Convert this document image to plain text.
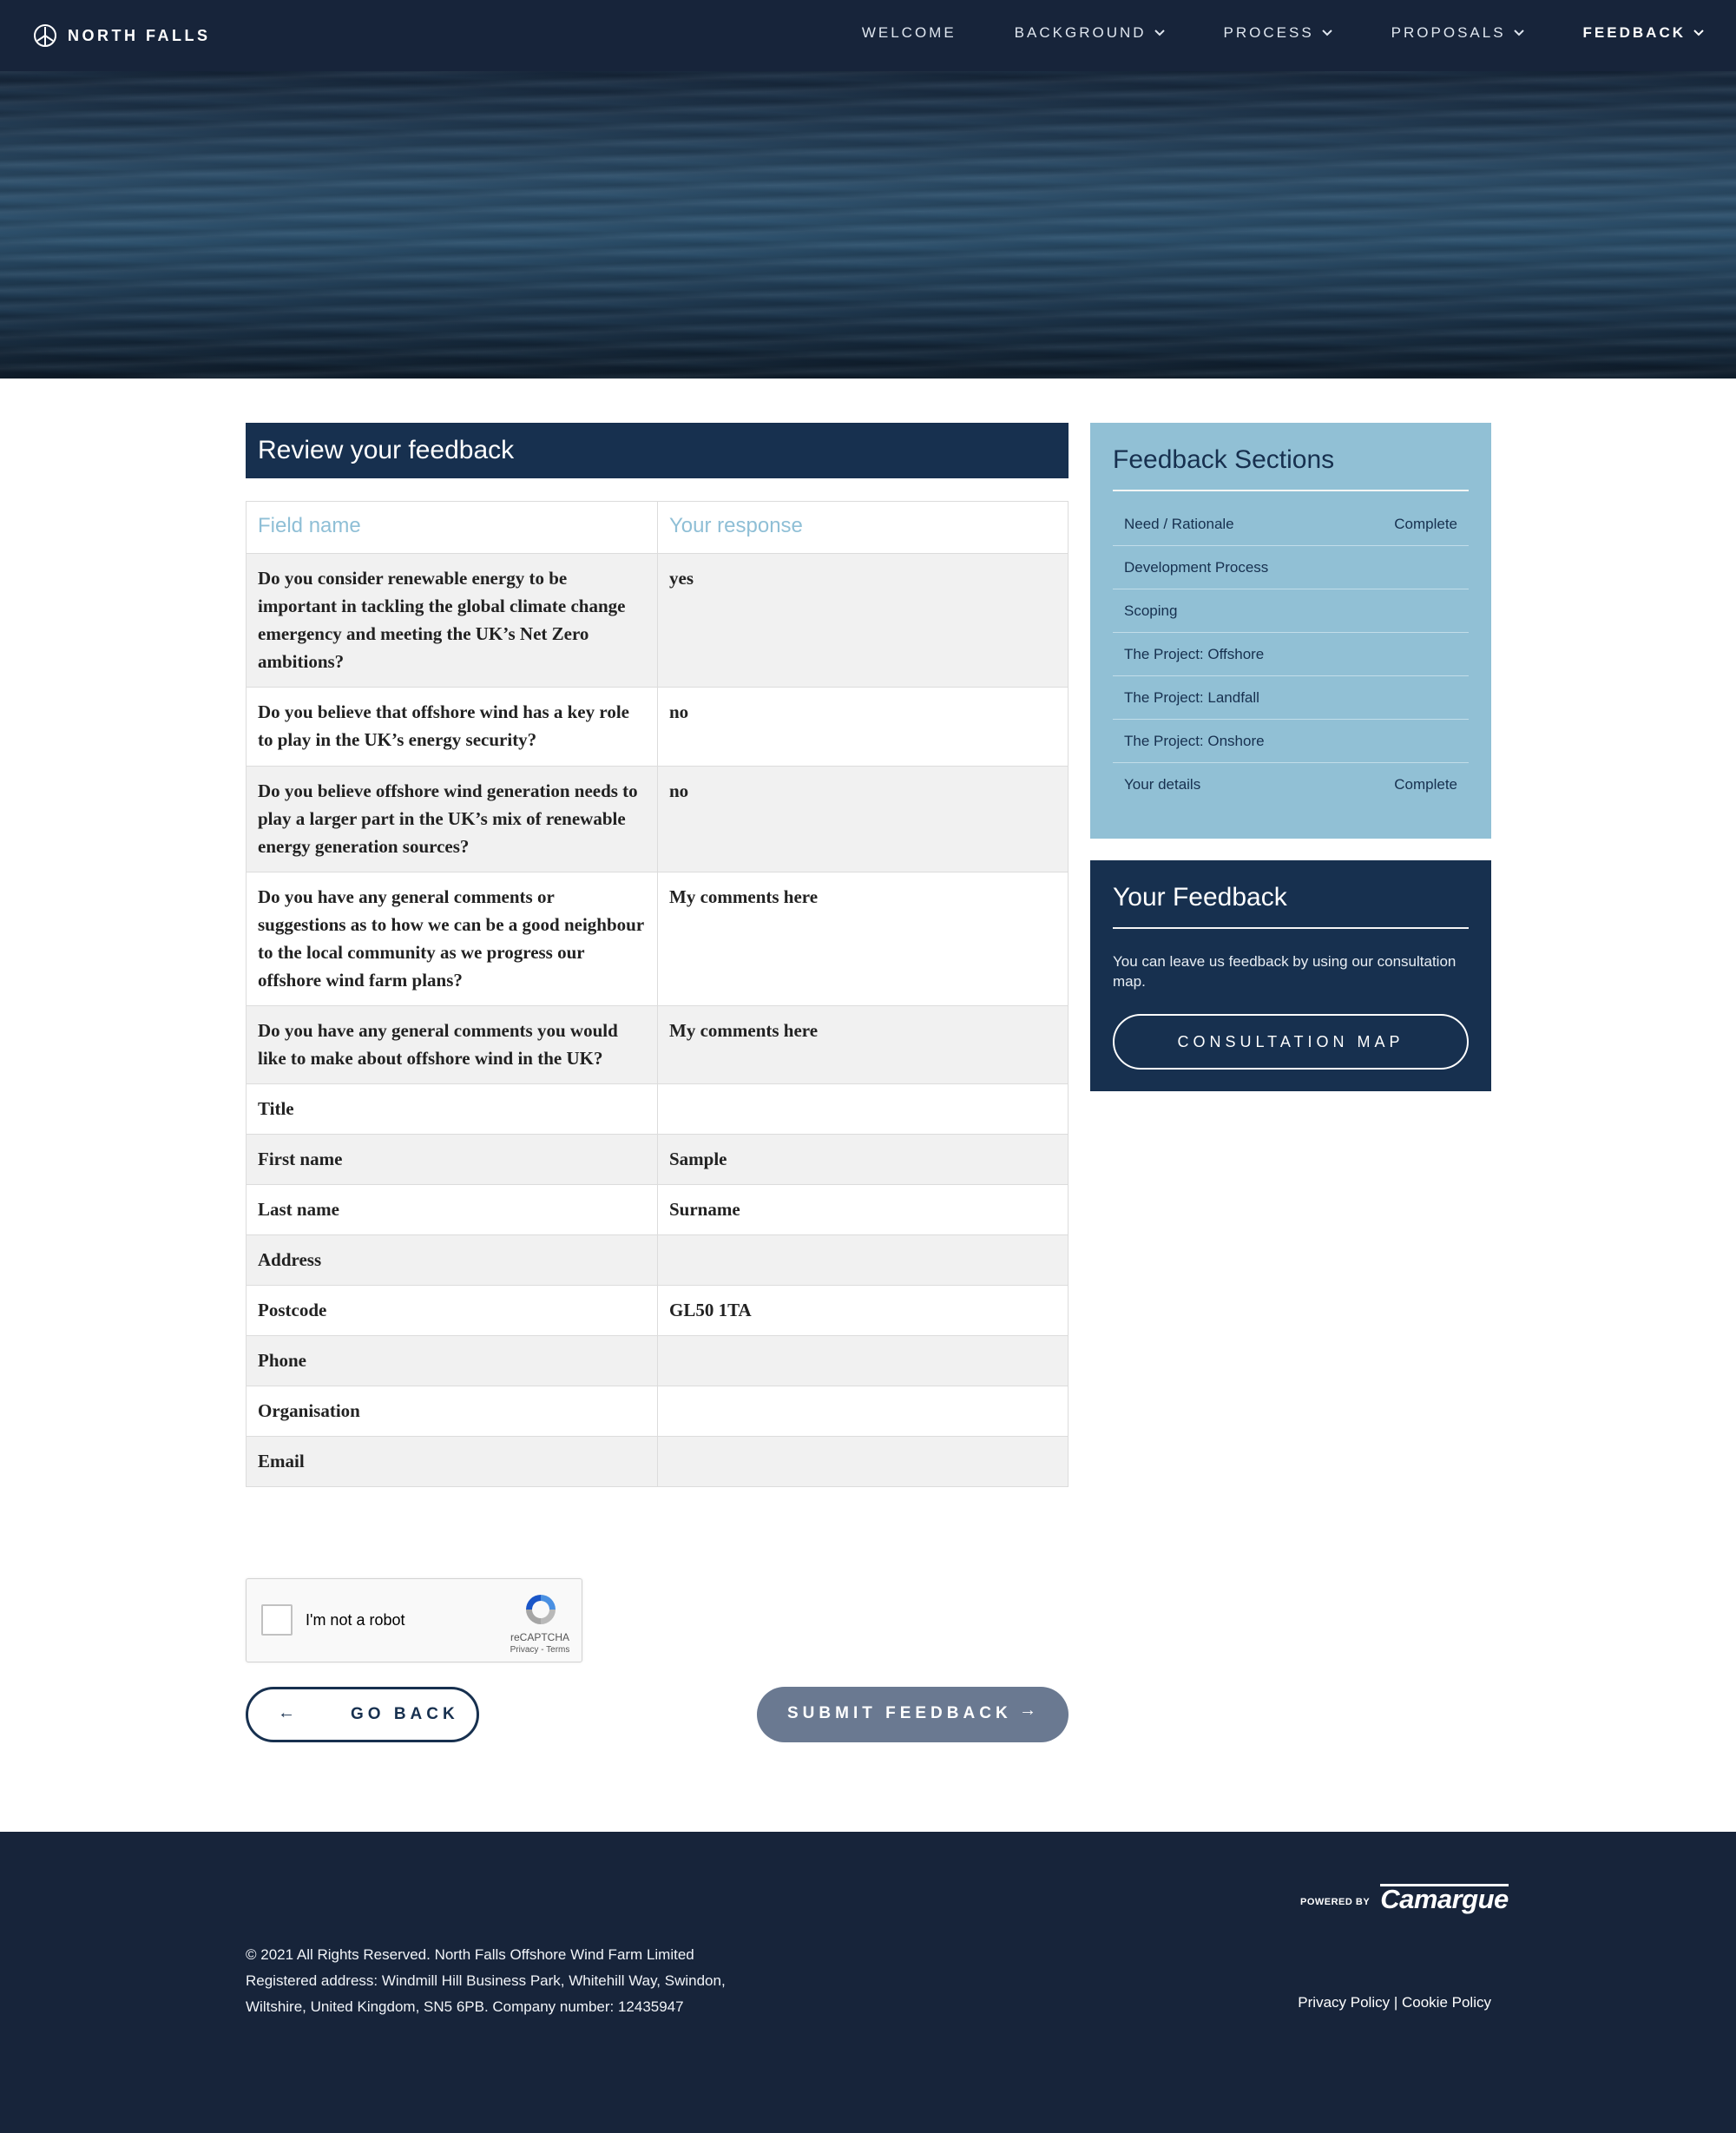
NORTH FALLS	WELCOME	BACKGROUND	PROCESS	PROPOSALS	FEEDBACK
Review your feedback
Field name	Your response
Do you consider renewable energy to be important in tackling the global climate change emergency and meeting the UK’s Net Zero ambitions?	yes
Do you believe that offshore wind has a key role to play in the UK’s energy security?	no
Do you believe offshore wind generation needs to play a larger part in the UK’s mix of renewable energy generation sources?	no
Do you have any general comments or suggestions as to how we can be a good neighbour to the local community as we progress our offshore wind farm plans?	My comments here
Do you have any general comments you would like to make about offshore wind in the UK?	My comments here
Title	
First name	Sample
Last name	Surname
Address	
Postcode	GL50 1TA
Phone	
Organisation	
Email	
Feedback Sections
Need / Rationale	Complete
Development Process
Scoping
The Project: Offshore
The Project: Landfall
The Project: Onshore
Your details	Complete
Your Feedback

You can leave us feedback by using our consultation map.

CONSULTATION MAP
I'm not a robot
reCAPTCHA
Privacy - Terms
←	GO BACK	SUBMIT FEEDBACK →
POWERED BY Camargue
© 2021 All Rights Reserved. North Falls Offshore Wind Farm Limited
Registered address: Windmill Hill Business Park, Whitehill Way, Swindon,
Wiltshire, United Kingdom, SN5 6PB. Company number: 12435947	Privacy Policy | Cookie Policy
